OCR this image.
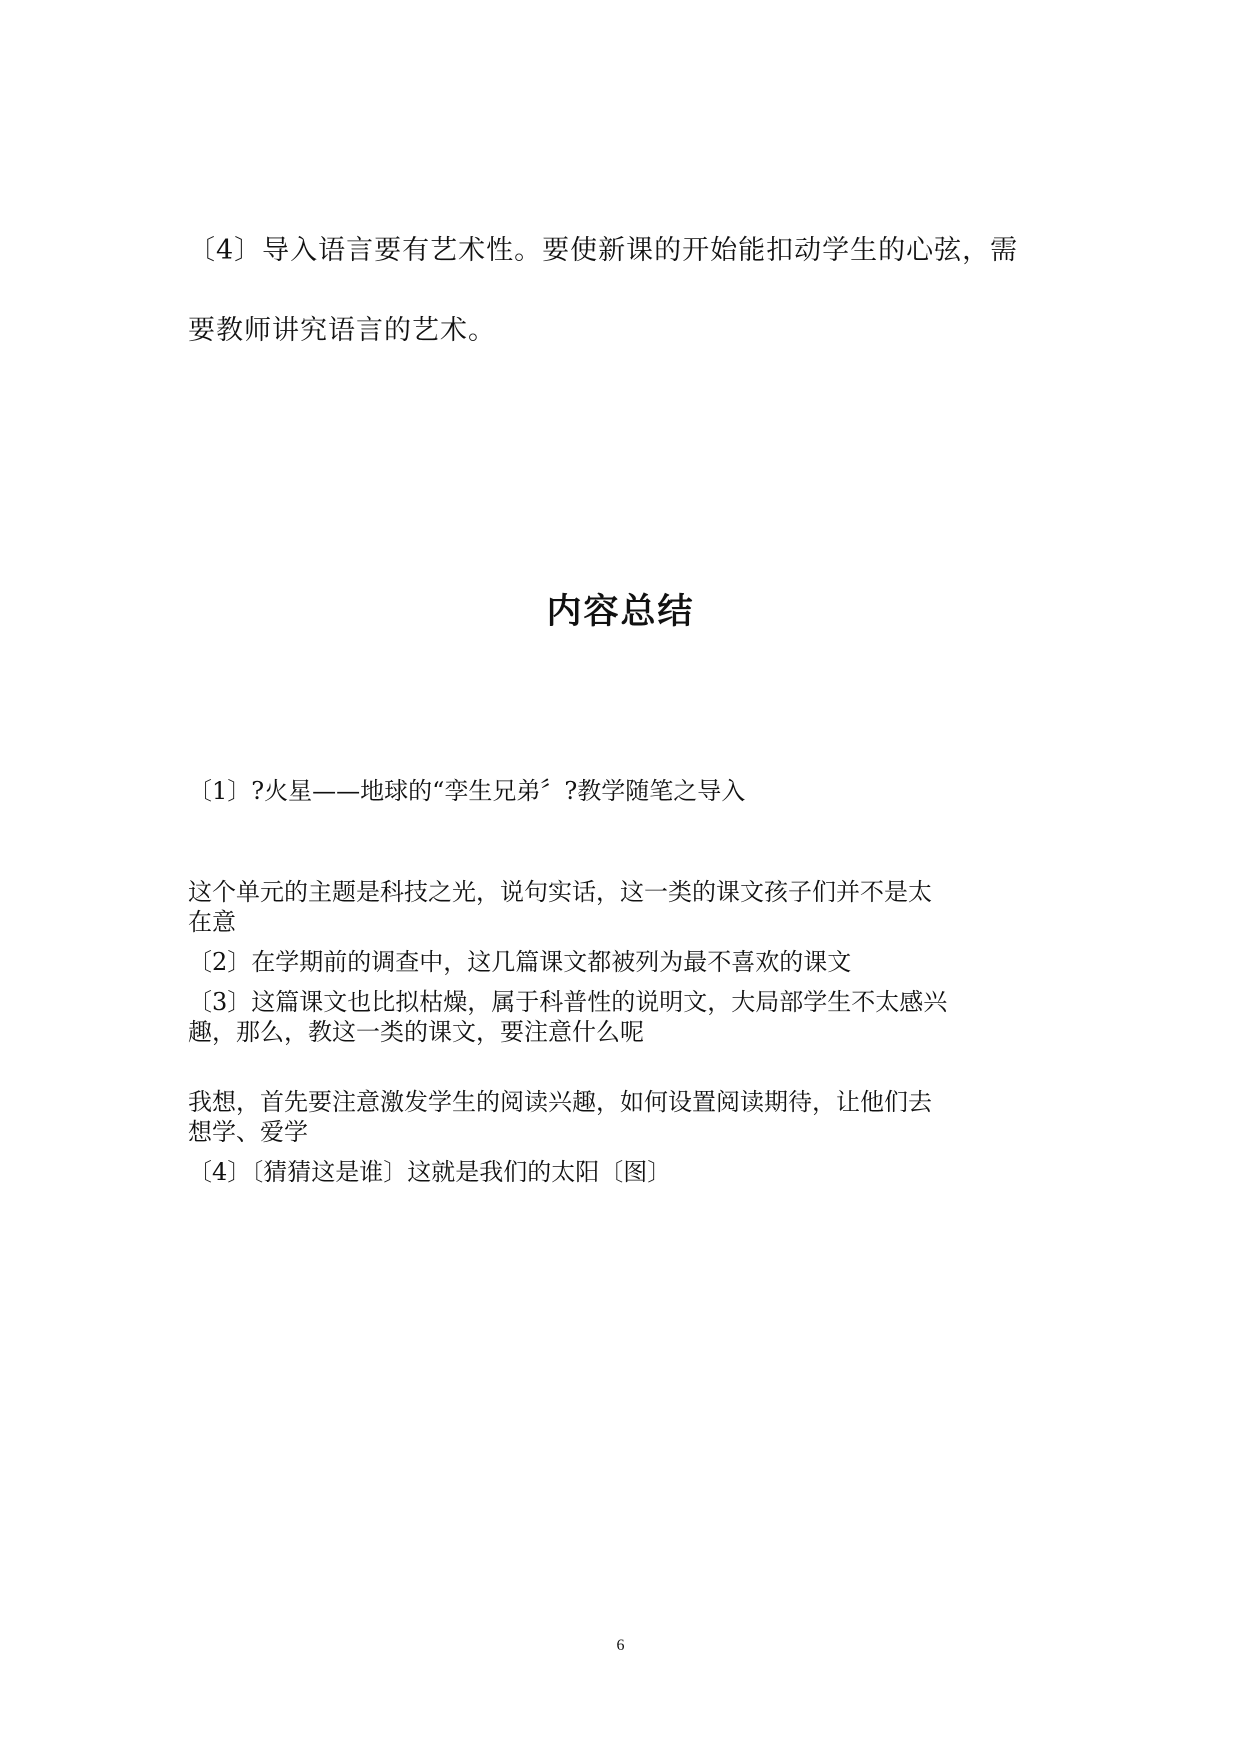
〔4〕导入语言要有艺术性。要使新课的开始能扣动学生的心弦，需
要教师讲究语言的艺术。
内容总结
〔1〕?火星——地球的“孪生兄弟〞?教学随笔之导入
这个单元的主题是科技之光，说句实话，这一类的课文孩子们并不是太
在意
〔2〕在学期前的调查中，这几篇课文都被列为最不喜欢的课文
〔3〕这篇课文也比拟枯燥，属于科普性的说明文，大局部学生不太感兴
趣，那么，教这一类的课文，要注意什么呢
我想，首先要注意激发学生的阅读兴趣，如何设置阅读期待，让他们去
想学、爱学
〔4〕〔猜猜这是谁〕这就是我们的太阳〔图〕
6
